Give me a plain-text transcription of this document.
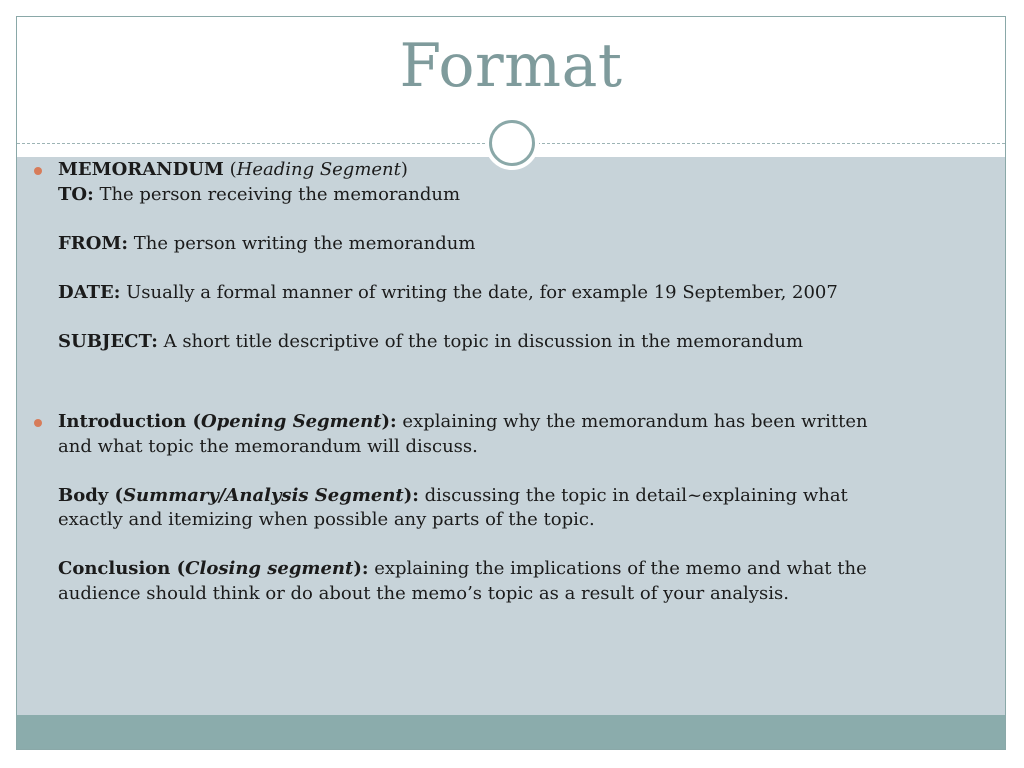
Format
MEMORANDUM (Heading Segment)
TO: The person receiving the memorandum
FROM: The person writing the memorandum
DATE: Usually a formal manner of writing the date, for example 19 September, 2007
SUBJECT: A short title descriptive of the topic in discussion in the memorandum
Introduction (Opening Segment): explaining why the memorandum has been written
and what topic the memorandum will discuss.
Body (Summary/Analysis Segment): discussing the topic in detail~explaining what
exactly and itemizing when possible any parts of the topic.
Conclusion (Closing segment): explaining the implications of the memo and what the
audience should think or do about the memo’s topic as a result of your analysis.
